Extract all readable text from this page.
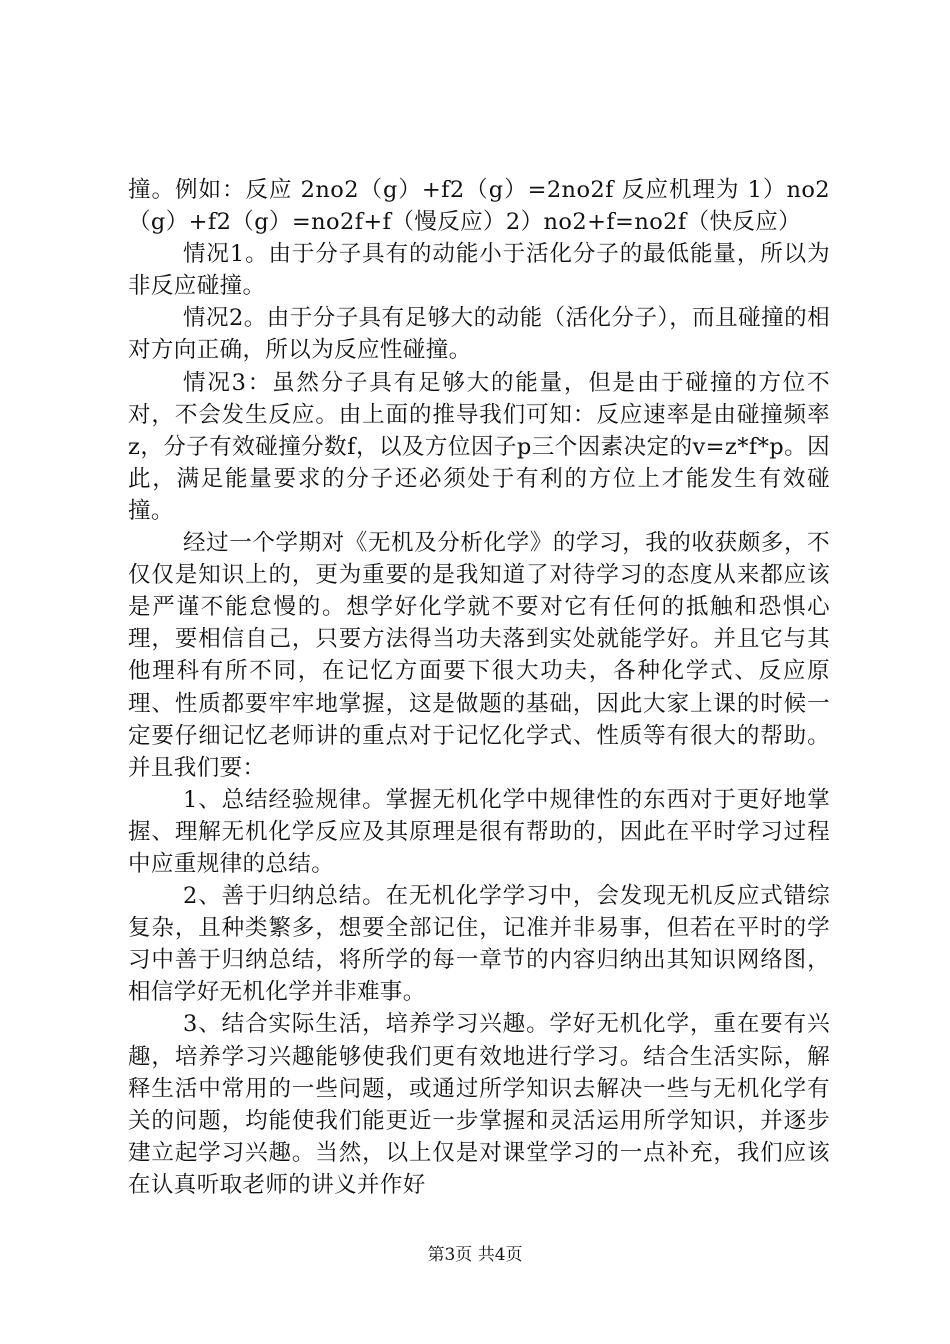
撞。例如：反应 2no2（g）+f2（g）=2no2f 反应机理为 1）no2（g）+f2（g）=no2f+f（慢反应）2）no2+f=no2f（快反应）

情况1。由于分子具有的动能小于活化分子的最低能量，所以为非反应碰撞。

情况2。由于分子具有足够大的动能（活化分子），而且碰撞的相对方向正确，所以为反应性碰撞。

情况3：虽然分子具有足够大的能量，但是由于碰撞的方位不对，不会发生反应。由上面的推导我们可知：反应速率是由碰撞频率z，分子有效碰撞分数f，以及方位因子p三个因素决定的v=z*f*p。因此，满足能量要求的分子还必须处于有利的方位上才能发生有效碰撞。

经过一个学期对《无机及分析化学》的学习，我的收获颇多，不仅仅是知识上的，更为重要的是我知道了对待学习的态度从来都应该是严谨不能怠慢的。想学好化学就不要对它有任何的抵触和恐惧心理，要相信自己，只要方法得当功夫落到实处就能学好。并且它与其他理科有所不同，在记忆方面要下很大功夫，各种化学式、反应原理、性质都要牢牢地掌握，这是做题的基础，因此大家上课的时候一定要仔细记忆老师讲的重点对于记忆化学式、性质等有很大的帮助。并且我们要：

1、总结经验规律。掌握无机化学中规律性的东西对于更好地掌握、理解无机化学反应及其原理是很有帮助的，因此在平时学习过程中应重规律的总结。

2、善于归纳总结。在无机化学学习中，会发现无机反应式错综复杂，且种类繁多，想要全部记住，记准并非易事，但若在平时的学习中善于归纳总结，将所学的每一章节的内容归纳出其知识网络图，相信学好无机化学并非难事。

3、结合实际生活，培养学习兴趣。学好无机化学，重在要有兴趣，培养学习兴趣能够使我们更有效地进行学习。结合生活实际，解释生活中常用的一些问题，或通过所学知识去解决一些与无机化学有关的问题，均能使我们能更近一步掌握和灵活运用所学知识，并逐步建立起学习兴趣。当然，以上仅是对课堂学习的一点补充，我们应该在认真听取老师的讲义并作好

第3页 共4页
